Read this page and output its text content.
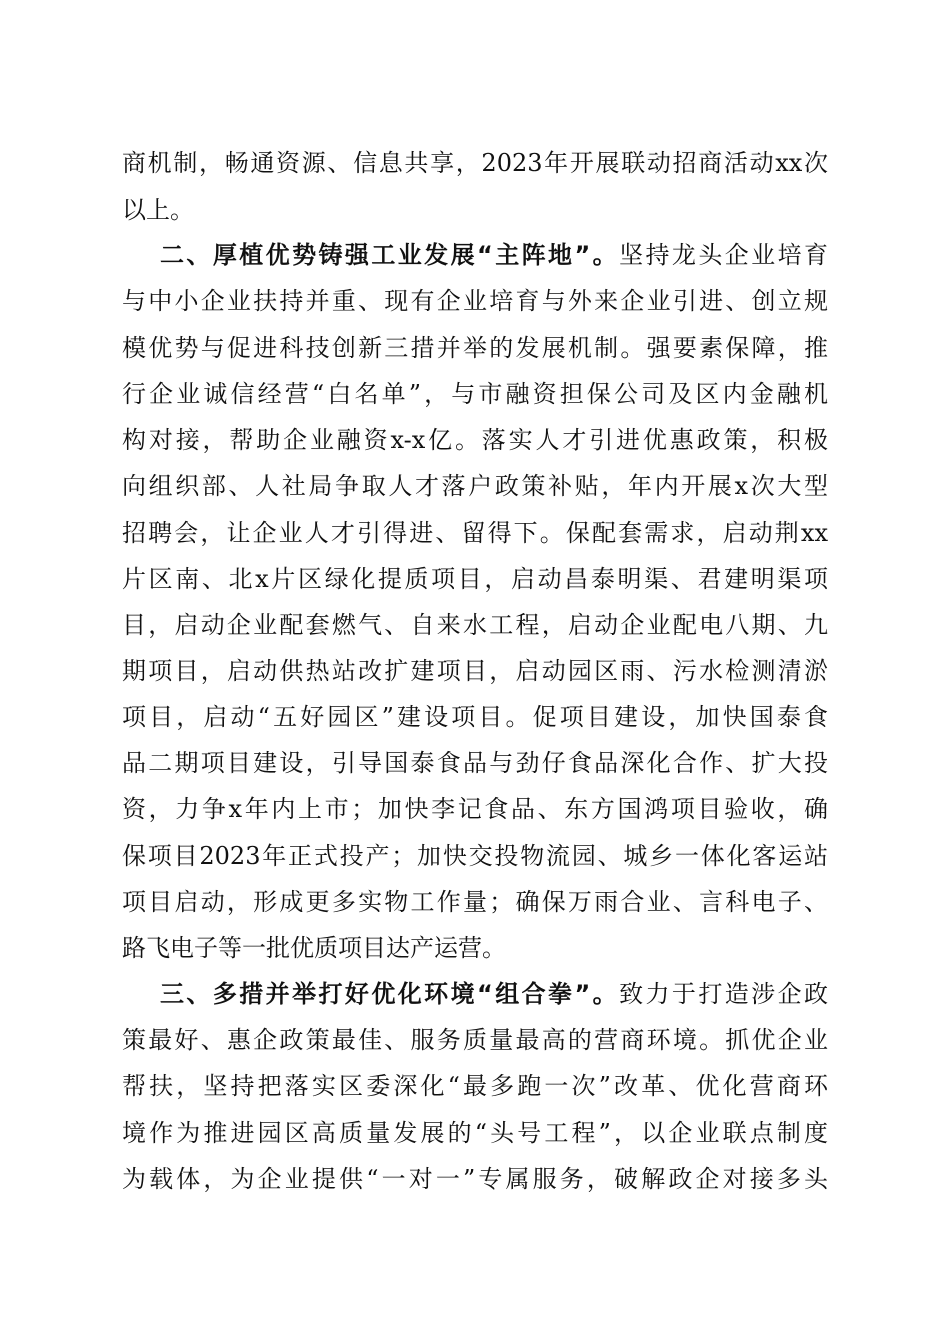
商机制，畅通资源、信息共享，2023年开展联动招商活动xx次
以上。
二、厚植优势铸强工业发展“主阵地”。坚持龙头企业培育
与中小企业扶持并重、现有企业培育与外来企业引进、创立规
模优势与促进科技创新三措并举的发展机制。强要素保障，推
行企业诚信经营“白名单”，与市融资担保公司及区内金融机
构对接，帮助企业融资x-x亿。落实人才引进优惠政策，积极
向组织部、人社局争取人才落户政策补贴，年内开展x次大型
招聘会，让企业人才引得进、留得下。保配套需求，启动荆xx
片区南、北x片区绿化提质项目，启动昌泰明渠、君建明渠项
目，启动企业配套燃气、自来水工程，启动企业配电八期、九
期项目，启动供热站改扩建项目，启动园区雨、污水检测清淤
项目，启动“五好园区”建设项目。促项目建设，加快国泰食
品二期项目建设，引导国泰食品与劲仔食品深化合作、扩大投
资，力争x年内上市；加快李记食品、东方国鸿项目验收，确
保项目2023年正式投产；加快交投物流园、城乡一体化客运站
项目启动，形成更多实物工作量；确保万雨合业、言科电子、
路飞电子等一批优质项目达产运营。
三、多措并举打好优化环境“组合拳”。致力于打造涉企政
策最好、惠企政策最佳、服务质量最高的营商环境。抓优企业
帮扶，坚持把落实区委深化“最多跑一次”改革、优化营商环
境作为推进园区高质量发展的“头号工程”，以企业联点制度
为载体，为企业提供“一对一”专属服务，破解政企对接多头
